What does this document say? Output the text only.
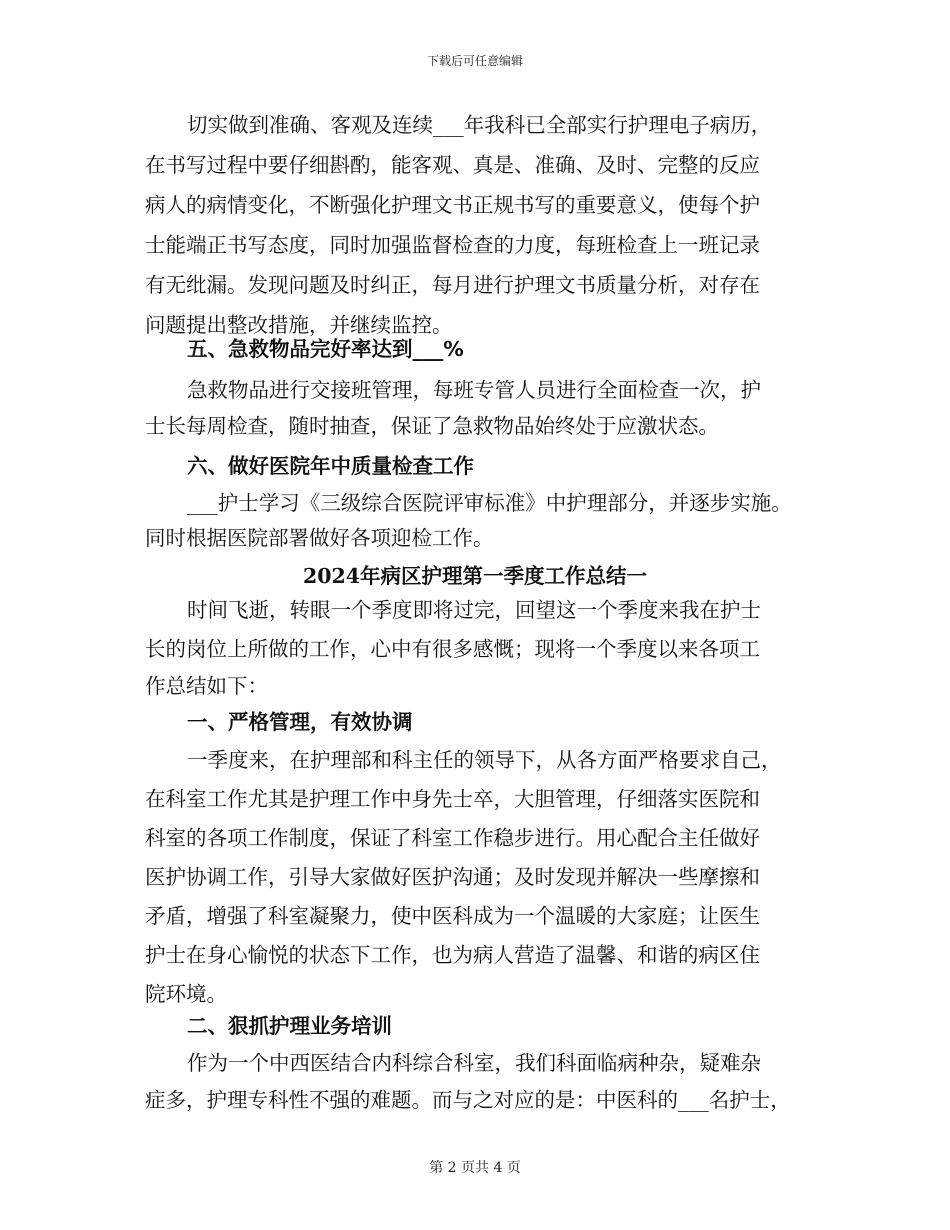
下载后可任意编辑
切实做到准确、客观及连续___年我科已全部实行护理电子病历，
在书写过程中要仔细斟酌，能客观、真是、准确、及时、完整的反应
病人的病情变化，不断强化护理文书正规书写的重要意义，使每个护
士能端正书写态度，同时加强监督检查的力度，每班检查上一班记录
有无纰漏。发现问题及时纠正，每月进行护理文书质量分析，对存在
问题提出整改措施，并继续监控。
五、急救物品完好率达到___%
急救物品进行交接班管理，每班专管人员进行全面检查一次，护
士长每周检查，随时抽查，保证了急救物品始终处于应激状态。
六、做好医院年中质量检查工作
___护士学习《三级综合医院评审标准》中护理部分，并逐步实施。
同时根据医院部署做好各项迎检工作。
2024年病区护理第一季度工作总结一
时间飞逝，转眼一个季度即将过完，回望这一个季度来我在护士
长的岗位上所做的工作，心中有很多感慨；现将一个季度以来各项工
作总结如下：
一、严格管理，有效协调
一季度来，在护理部和科主任的领导下，从各方面严格要求自己，
在科室工作尤其是护理工作中身先士卒，大胆管理，仔细落实医院和
科室的各项工作制度，保证了科室工作稳步进行。用心配合主任做好
医护协调工作，引导大家做好医护沟通；及时发现并解决一些摩擦和
矛盾，增强了科室凝聚力，使中医科成为一个温暖的大家庭；让医生
护士在身心愉悦的状态下工作，也为病人营造了温馨、和谐的病区住
院环境。
二、狠抓护理业务培训
作为一个中西医结合内科综合科室，我们科面临病种杂，疑难杂
症多，护理专科性不强的难题。而与之对应的是：中医科的___名护士，
第 2 页共 4 页
